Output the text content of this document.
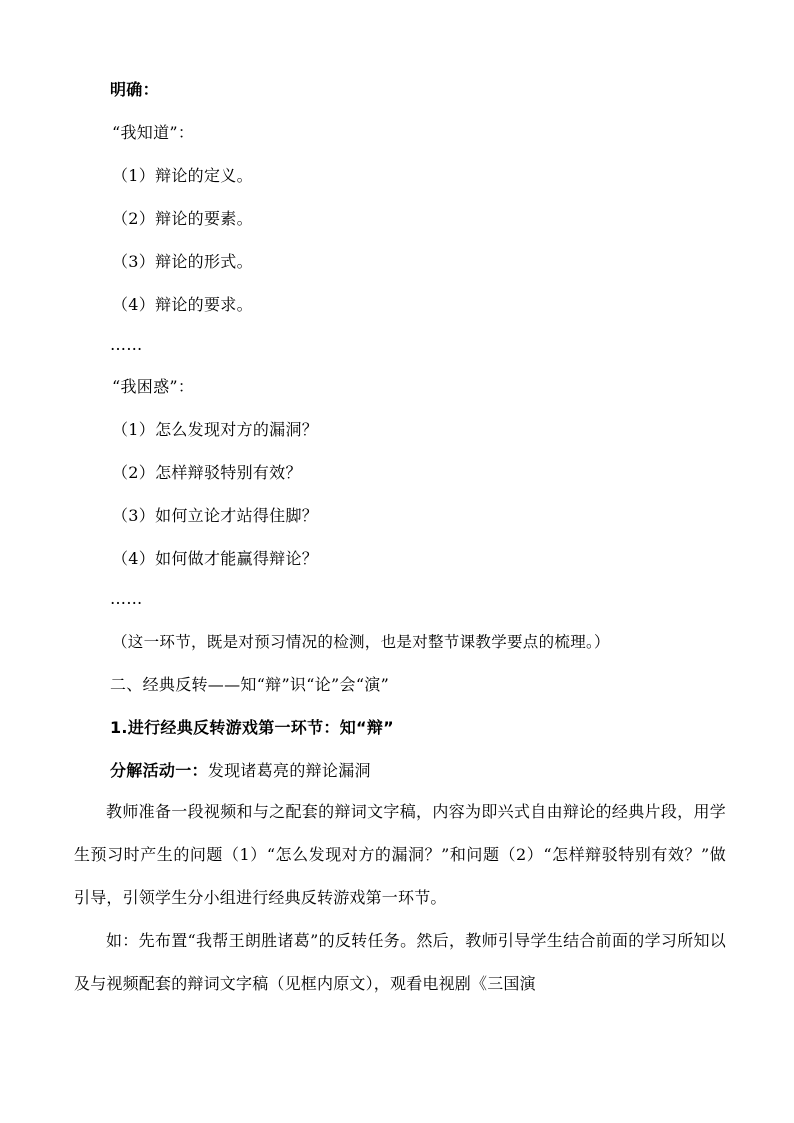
明确：
“我知道”：
（1）辩论的定义。
（2）辩论的要素。
（3）辩论的形式。
（4）辩论的要求。
……
“我困惑”：
（1）怎么发现对方的漏洞？
（2）怎样辩驳特别有效？
（3）如何立论才站得住脚？
（4）如何做才能赢得辩论？
……
（这一环节，既是对预习情况的检测，也是对整节课教学要点的梳理。）
二、经典反转——知“辩”识“论”会“演”
1.进行经典反转游戏第一环节：知“辩”
分解活动一：发现诸葛亮的辩论漏洞
教师准备一段视频和与之配套的辩词文字稿，内容为即兴式自由辩论的经典片段，用学生预习时产生的问题（1）“怎么发现对方的漏洞？”和问题（2）“怎样辩驳特别有效？”做引导，引领学生分小组进行经典反转游戏第一环节。
如：先布置“我帮王朗胜诸葛”的反转任务。然后，教师引导学生结合前面的学习所知以及与视频配套的辩词文字稿（见框内原文），观看电视剧《三国演
